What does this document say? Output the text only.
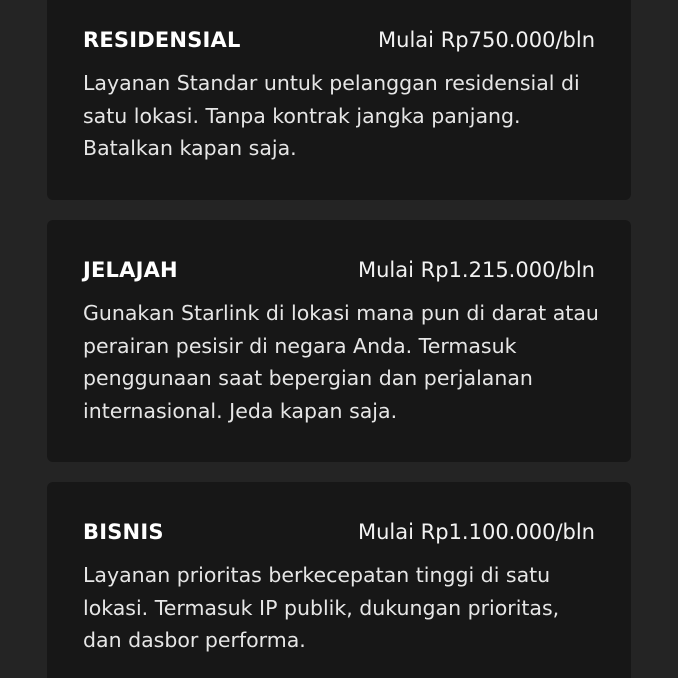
RESIDENSIAL	Mulai Rp750.000/bln

Layanan Standar untuk pelanggan residensial di satu lokasi. Tanpa kontrak jangka panjang. Batalkan kapan saja.

JELAJAH	Mulai Rp1.215.000/bln

Gunakan Starlink di lokasi mana pun di darat atau perairan pesisir di negara Anda. Termasuk penggunaan saat bepergian dan perjalanan internasional. Jeda kapan saja.

BISNIS	Mulai Rp1.100.000/bln

Layanan prioritas berkecepatan tinggi di satu lokasi. Termasuk IP publik, dukungan prioritas, dan dasbor performa.
